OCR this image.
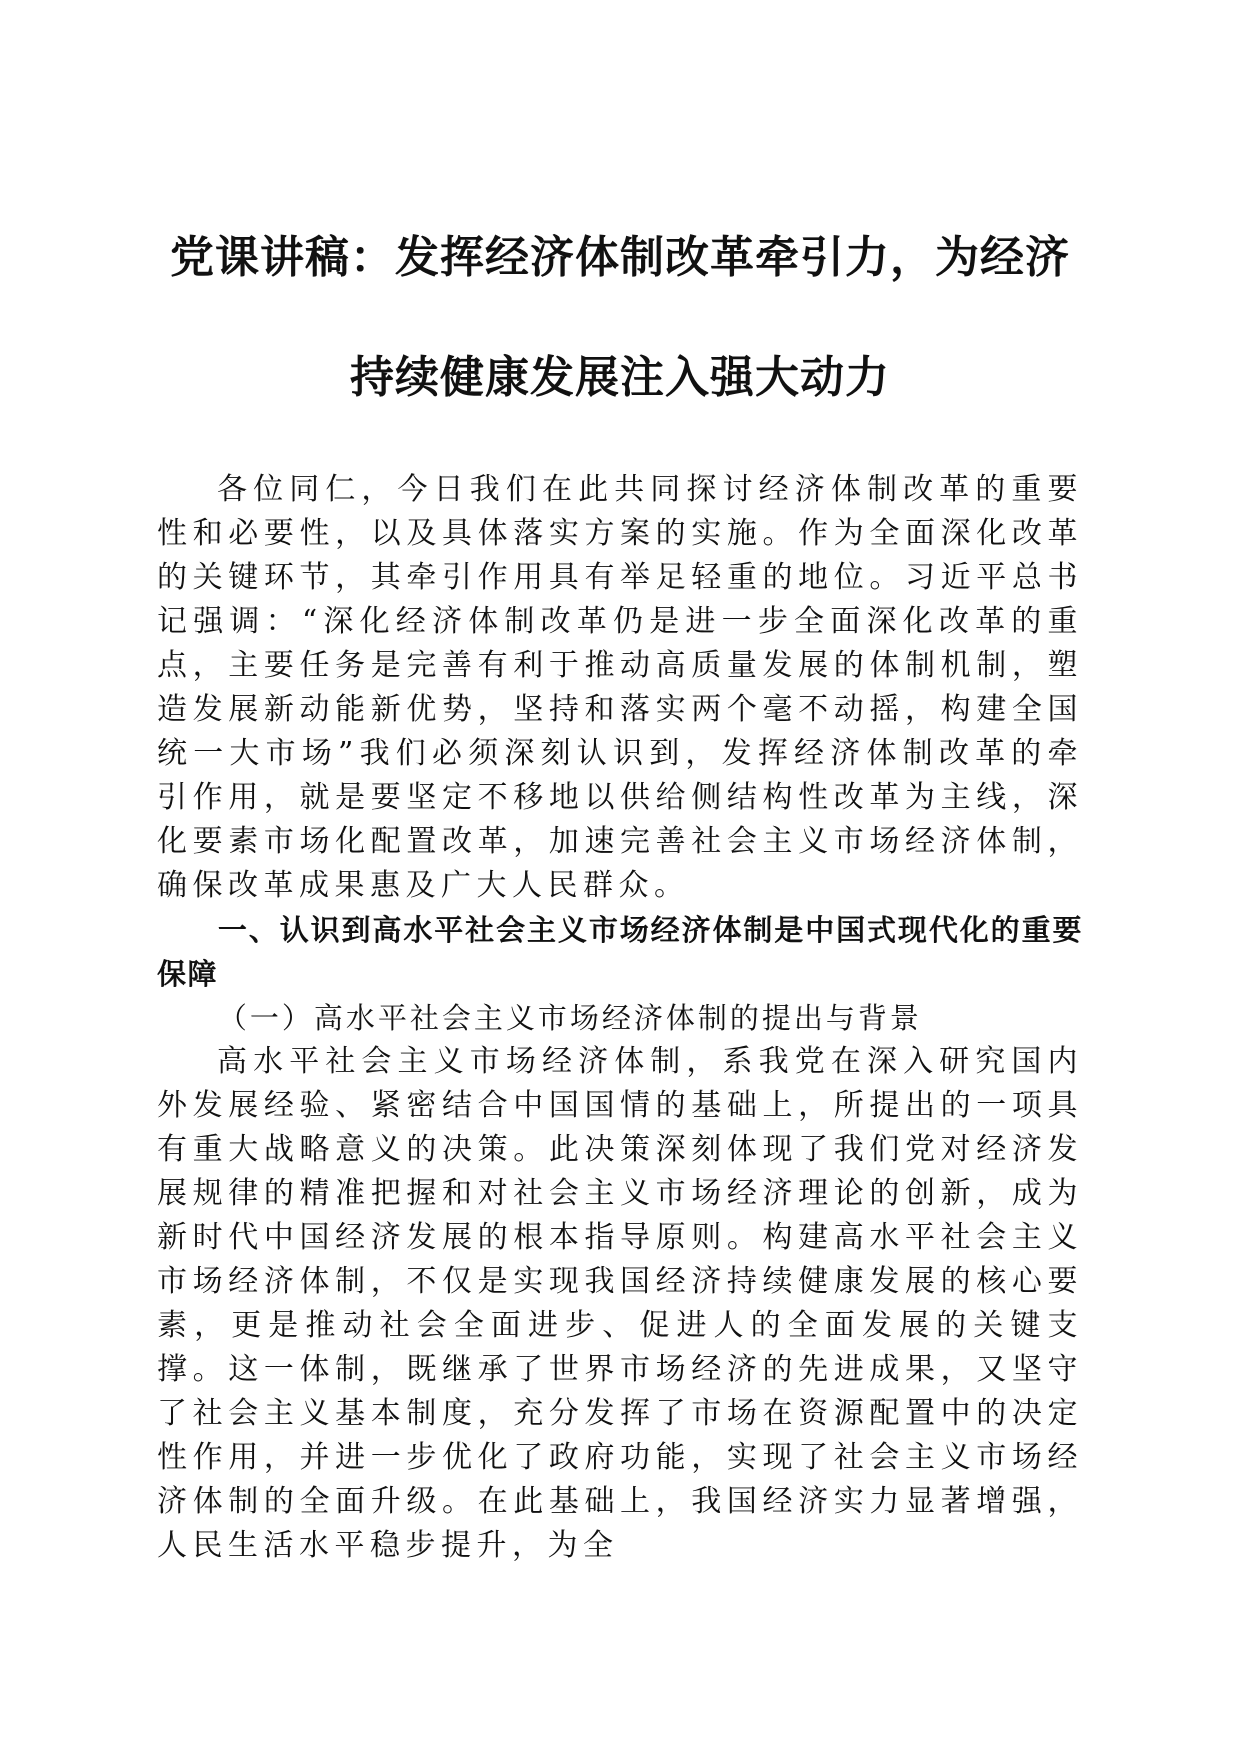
党课讲稿：发挥经济体制改革牵引力，为经济
持续健康发展注入强大动力

各位同仁，今日我们在此共同探讨经济体制改革的重要性和必要性，以及具体落实方案的实施。作为全面深化改革的关键环节，其牵引作用具有举足轻重的地位。习近平总书记强调：“深化经济体制改革仍是进一步全面深化改革的重点，主要任务是完善有利于推动高质量发展的体制机制，塑造发展新动能新优势，坚持和落实两个毫不动摇，构建全国统一大市场”我们必须深刻认识到，发挥经济体制改革的牵引作用，就是要坚定不移地以供给侧结构性改革为主线，深化要素市场化配置改革，加速完善社会主义市场经济体制，确保改革成果惠及广大人民群众。

一、认识到高水平社会主义市场经济体制是中国式现代化的重要保障
（一）高水平社会主义市场经济体制的提出与背景

高水平社会主义市场经济体制，系我党在深入研究国内外发展经验、紧密结合中国国情的基础上，所提出的一项具有重大战略意义的决策。此决策深刻体现了我们党对经济发展规律的精准把握和对社会主义市场经济理论的创新，成为新时代中国经济发展的根本指导原则。构建高水平社会主义市场经济体制，不仅是实现我国经济持续健康发展的核心要素，更是推动社会全面进步、促进人的全面发展的关键支撑。这一体制，既继承了世界市场经济的先进成果，又坚守了社会主义基本制度，充分发挥了市场在资源配置中的决定性作用，并进一步优化了政府功能，实现了社会主义市场经济体制的全面升级。在此基础上，我国经济实力显著增强，人民生活水平稳步提升，为全
